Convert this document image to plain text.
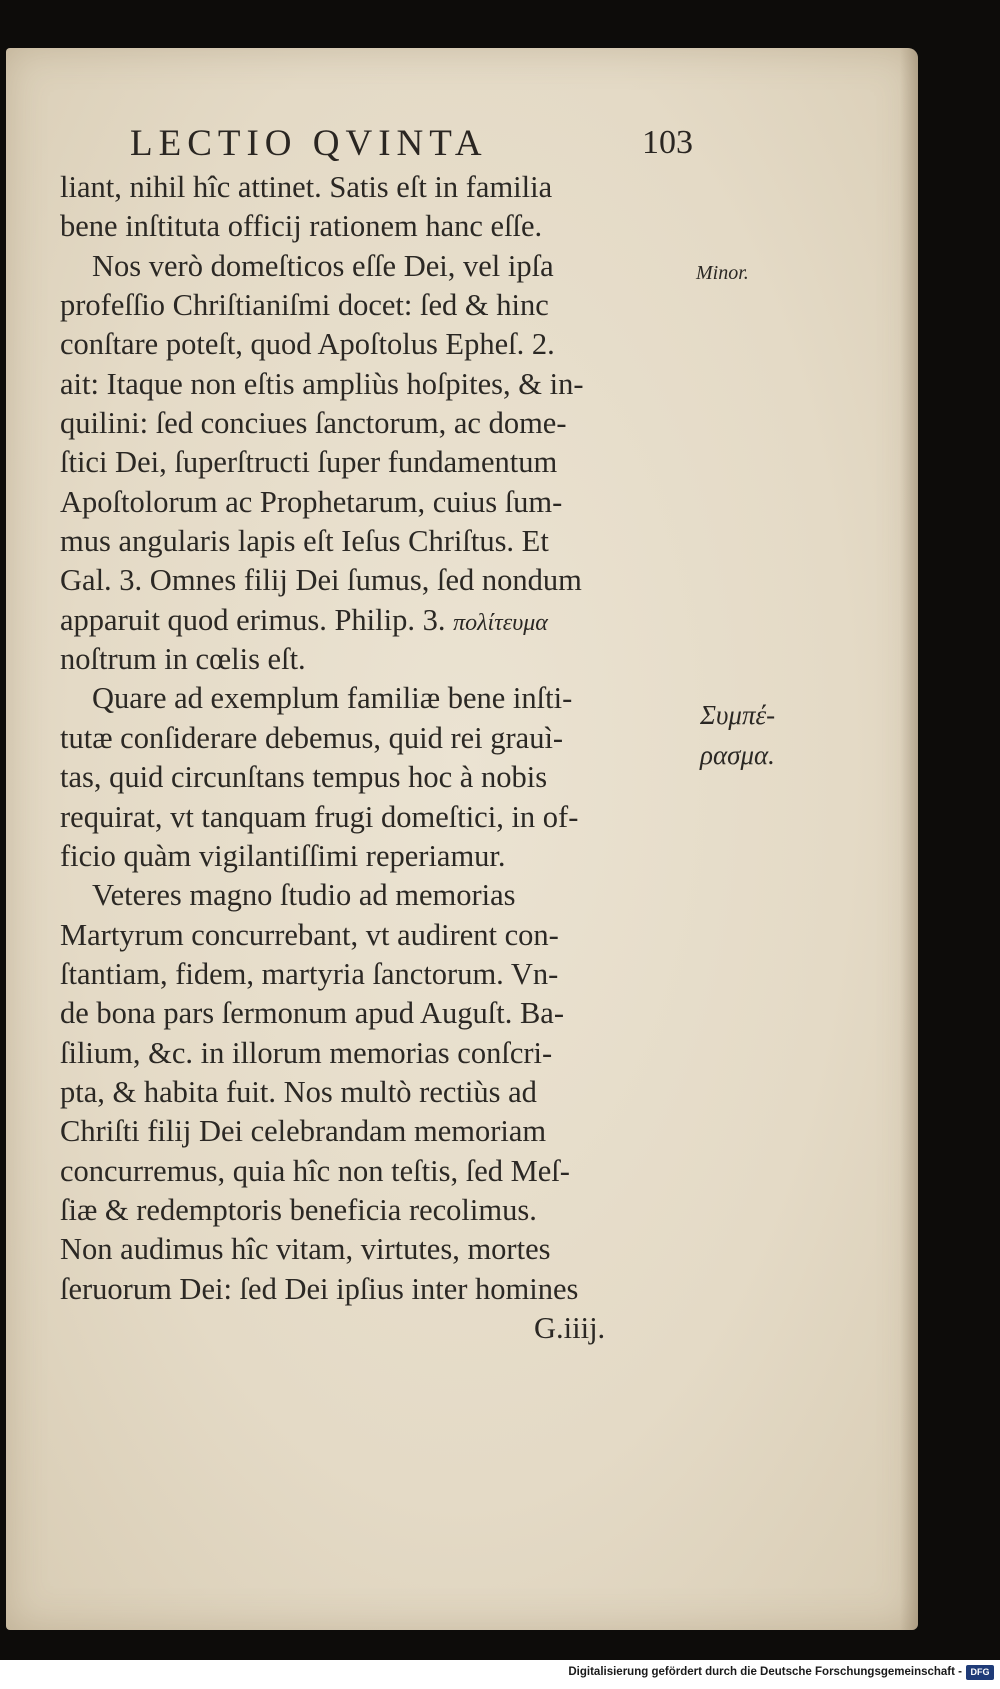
LECTIO QVINTA	103
liant, nihil hîc attinet. Satis eſt in familia
bene inſtituta officij rationem hanc eſſe.
Nos verò domeſticos eſſe Dei, vel ipſa
profeſſio Chriſtianiſmi docet: ſed & hinc
conſtare poteſt, quod Apoſtolus Epheſ. 2.
ait: Itaque non eſtis ampliùs hoſpites, & in-
quilini: ſed conciues ſanctorum, ac dome-
ſtici Dei, ſuperſtructi ſuper fundamentum
Apoſtolorum ac Prophetarum, cuius ſum-
mus angularis lapis eſt Ieſus Chriſtus. Et
Gal. 3. Omnes filij Dei ſumus, ſed nondum
apparuit quod erimus. Philip. 3. πολίτευμα
noſtrum in cœlis eſt.
Quare ad exemplum familiæ bene inſti-
tutæ conſiderare debemus, quid rei grauì-
tas, quid circunſtans tempus hoc à nobis
requirat, vt tanquam frugi domeſtici, in of-
ficio quàm vigilantiſſimi reperiamur.
Veteres magno ſtudio ad memorias
Martyrum concurrebant, vt audirent con-
ſtantiam, fidem, martyria ſanctorum. Vn-
de bona pars ſermonum apud Auguſt. Ba-
ſilium, &c. in illorum memorias conſcri-
pta, & habita fuit. Nos multò rectiùs ad
Chriſti filij Dei celebrandam memoriam
concurremus, quia hîc non teſtis, ſed Meſ-
ſiæ & redemptoris beneficia recolimus.
Non audimus hîc vitam, virtutes, mortes
ſeruorum Dei: ſed Dei ipſius inter homines
G.iiij.
Minor.
Συμπέ-
ρασμα.
Digitalisierung gefördert durch die Deutsche Forschungsgemeinschaft - DFG
